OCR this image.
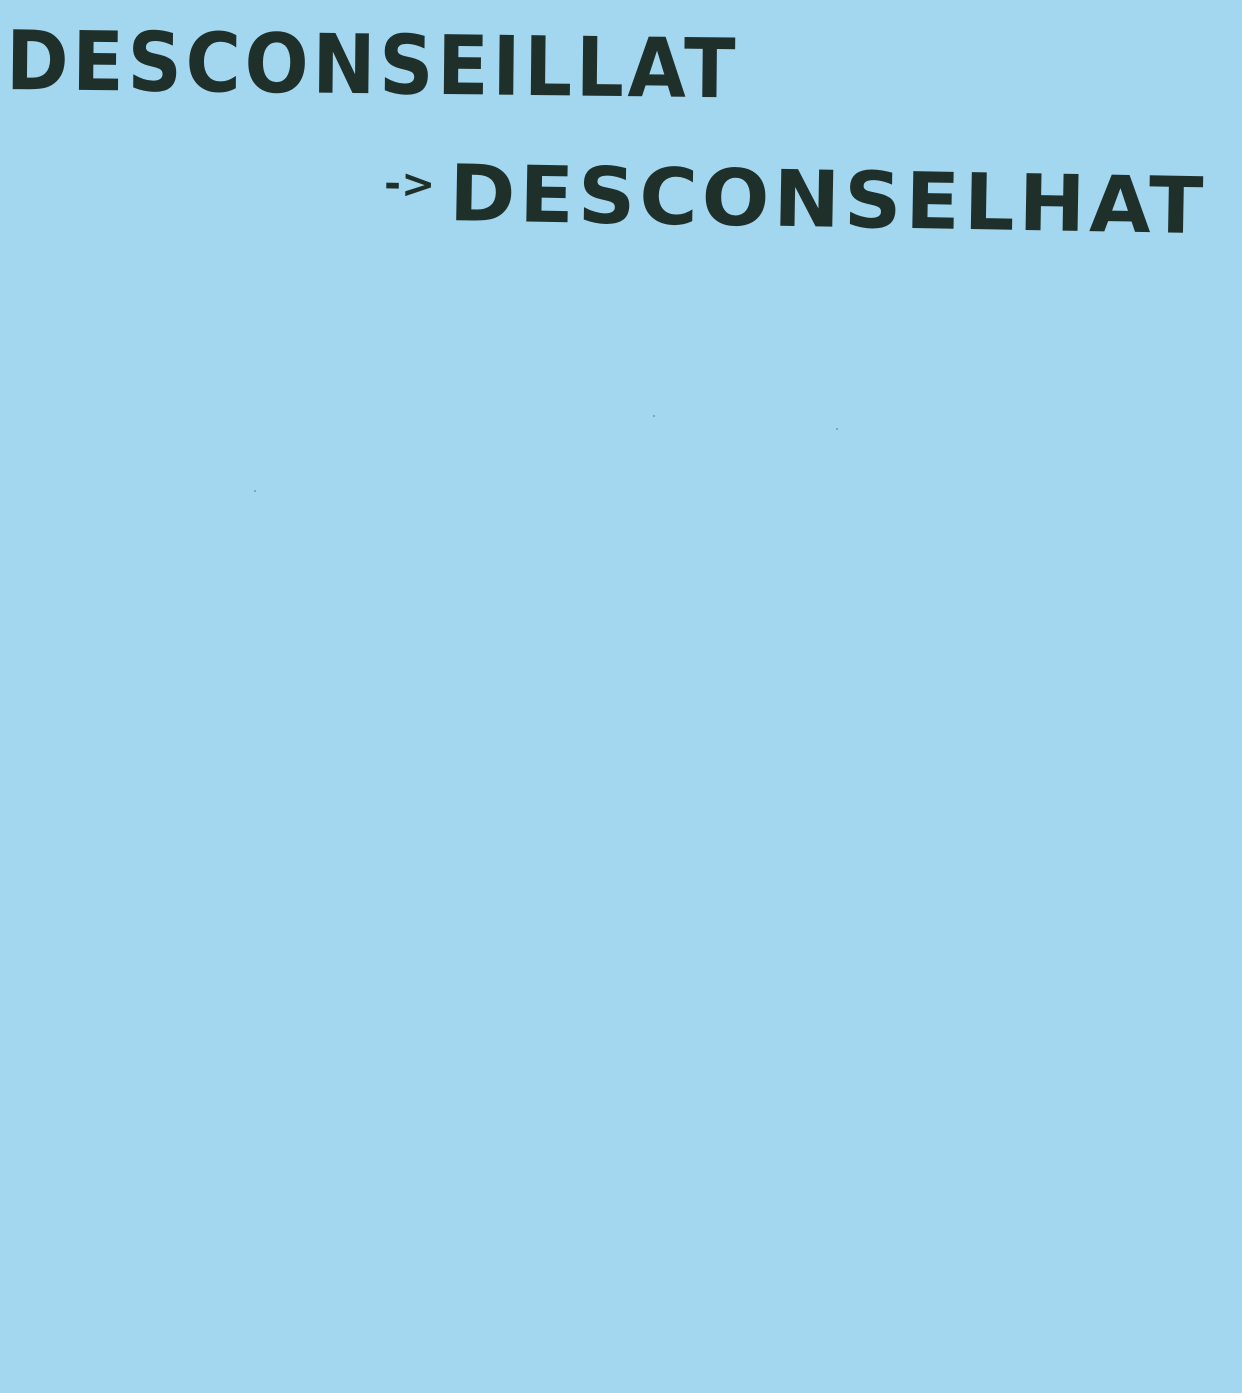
DESCONSEILLAT
-> DESCONSELHAT
